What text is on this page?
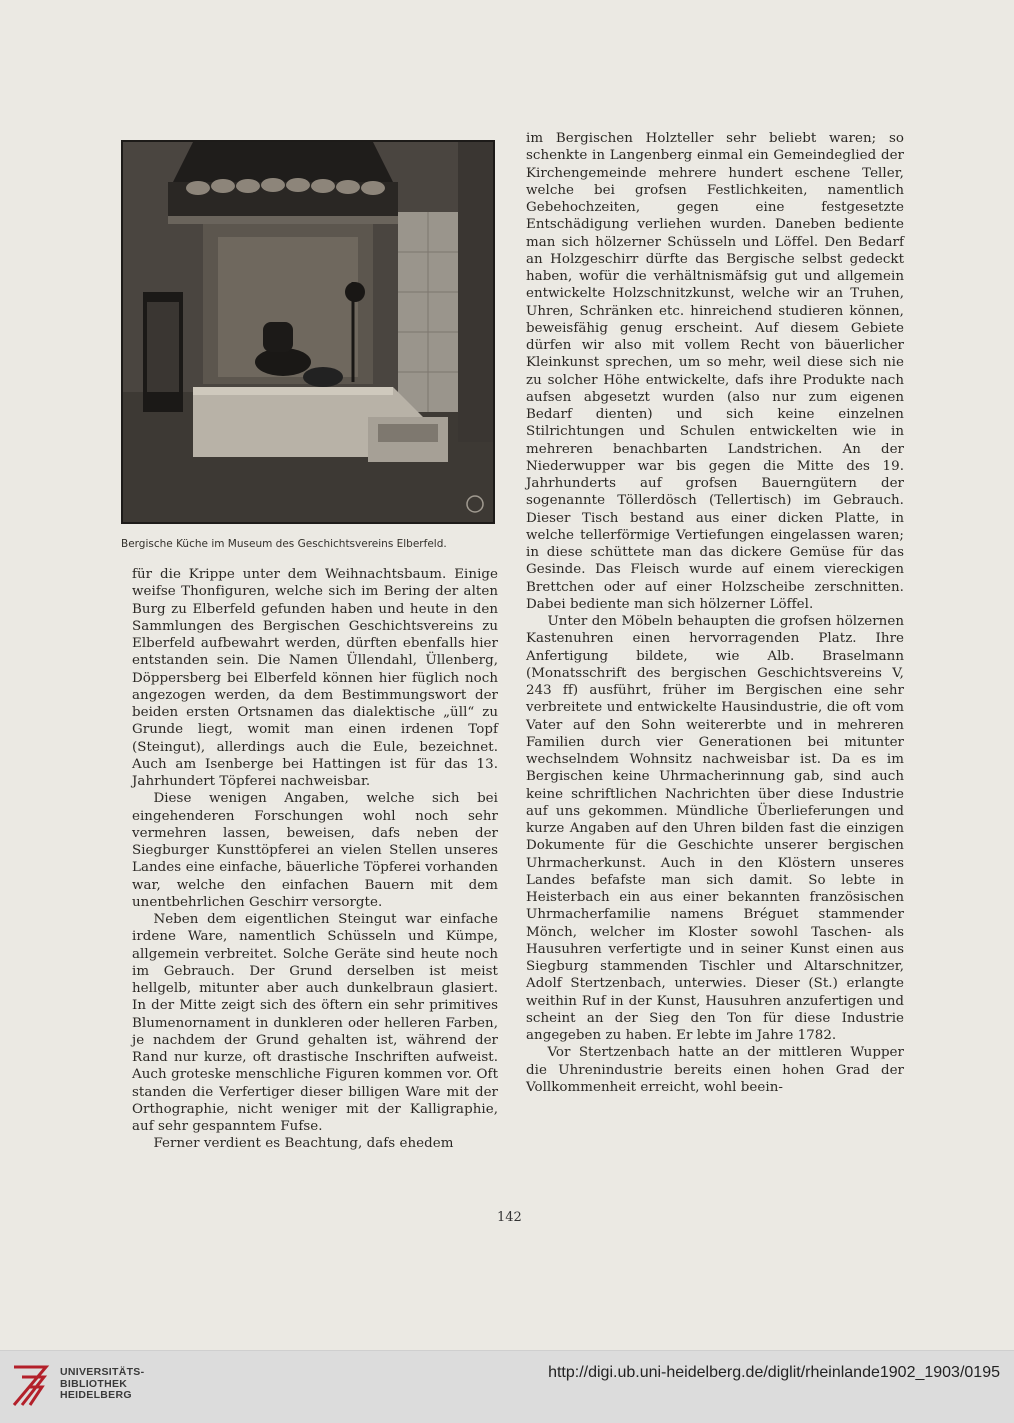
Bergische Küche im Museum des Geschichtsvereins Elberfeld.

für die Krippe unter dem Weihnachtsbaum. Einige weifse Thonfiguren, welche sich im Bering der alten Burg zu Elberfeld gefunden haben und heute in den Sammlungen des Bergischen Geschichtsvereins zu Elberfeld aufbewahrt werden, dürften ebenfalls hier entstanden sein. Die Namen Üllendahl, Üllenberg, Döppersberg bei Elberfeld können hier füglich noch angezogen werden, da dem Bestimmungswort der beiden ersten Ortsnamen das dialektische „üll“ zu Grunde liegt, womit man einen irdenen Topf (Steingut), allerdings auch die Eule, bezeichnet. Auch am Isenberge bei Hattingen ist für das 13. Jahrhundert Töpferei nachweisbar.

Diese wenigen Angaben, welche sich bei eingehenderen Forschungen wohl noch sehr vermehren lassen, beweisen, dafs neben der Siegburger Kunsttöpferei an vielen Stellen unseres Landes eine einfache, bäuerliche Töpferei vorhanden war, welche den einfachen Bauern mit dem unentbehrlichen Geschirr versorgte.

Neben dem eigentlichen Steingut war einfache irdene Ware, namentlich Schüsseln und Kümpe, allgemein verbreitet. Solche Geräte sind heute noch im Gebrauch. Der Grund derselben ist meist hellgelb, mitunter aber auch dunkelbraun glasiert. In der Mitte zeigt sich des öftern ein sehr primitives Blumenornament in dunkleren oder helleren Farben, je nachdem der Grund gehalten ist, während der Rand nur kurze, oft drastische Inschriften aufweist. Auch groteske menschliche Figuren kommen vor. Oft standen die Verfertiger dieser billigen Ware mit der Orthographie, nicht weniger mit der Kalligraphie, auf sehr gespanntem Fufse.

Ferner verdient es Beachtung, dafs ehedem

im Bergischen Holzteller sehr beliebt waren; so schenkte in Langenberg einmal ein Gemeindeglied der Kirchengemeinde mehrere hundert eschene Teller, welche bei grofsen Festlichkeiten, namentlich Gebehochzeiten, gegen eine festgesetzte Entschädigung verliehen wurden. Daneben bediente man sich hölzerner Schüsseln und Löffel. Den Bedarf an Holzgeschirr dürfte das Bergische selbst gedeckt haben, wofür die verhältnismäfsig gut und allgemein entwickelte Holzschnitzkunst, welche wir an Truhen, Uhren, Schränken etc. hinreichend studieren können, beweisfähig genug erscheint. Auf diesem Gebiete dürfen wir also mit vollem Recht von bäuerlicher Kleinkunst sprechen, um so mehr, weil diese sich nie zu solcher Höhe entwickelte, dafs ihre Produkte nach aufsen abgesetzt wurden (also nur zum eigenen Bedarf dienten) und sich keine einzelnen Stilrichtungen und Schulen entwickelten wie in mehreren benachbarten Landstrichen. An der Niederwupper war bis gegen die Mitte des 19. Jahrhunderts auf grofsen Bauerngütern der sogenannte Töllerdösch (Tellertisch) im Gebrauch. Dieser Tisch bestand aus einer dicken Platte, in welche tellerförmige Vertiefungen eingelassen waren; in diese schüttete man das dickere Gemüse für das Gesinde. Das Fleisch wurde auf einem viereckigen Brettchen oder auf einer Holzscheibe zerschnitten. Dabei bediente man sich hölzerner Löffel.

Unter den Möbeln behaupten die grofsen hölzernen Kastenuhren einen hervorragenden Platz. Ihre Anfertigung bildete, wie Alb. Braselmann (Monatsschrift des bergischen Geschichtsvereins V, 243 ff) ausführt, früher im Bergischen eine sehr verbreitete und entwickelte Hausindustrie, die oft vom Vater auf den Sohn weitererbte und in mehreren Familien durch vier Generationen bei mitunter wechselndem Wohnsitz nachweisbar ist. Da es im Bergischen keine Uhrmacherinnung gab, sind auch keine schriftlichen Nachrichten über diese Industrie auf uns gekommen. Mündliche Überlieferungen und kurze Angaben auf den Uhren bilden fast die einzigen Dokumente für die Geschichte unserer bergischen Uhrmacherkunst. Auch in den Klöstern unseres Landes befafste man sich damit. So lebte in Heisterbach ein aus einer bekannten französischen Uhrmacherfamilie namens Bréguet stammender Mönch, welcher im Kloster sowohl Taschen- als Hausuhren verfertigte und in seiner Kunst einen aus Siegburg stammenden Tischler und Altarschnitzer, Adolf Stertzenbach, unterwies. Dieser (St.) erlangte weithin Ruf in der Kunst, Hausuhren anzufertigen und scheint an der Sieg den Ton für diese Industrie angegeben zu haben. Er lebte im Jahre 1782.

Vor Stertzenbach hatte an der mittleren Wupper die Uhrenindustrie bereits einen hohen Grad der Vollkommenheit erreicht, wohl beein-

142
UNIVERSITÄTS-
BIBLIOTHEK
HEIDELBERG
http://digi.ub.uni-heidelberg.de/diglit/rheinlande1902_1903/0195
